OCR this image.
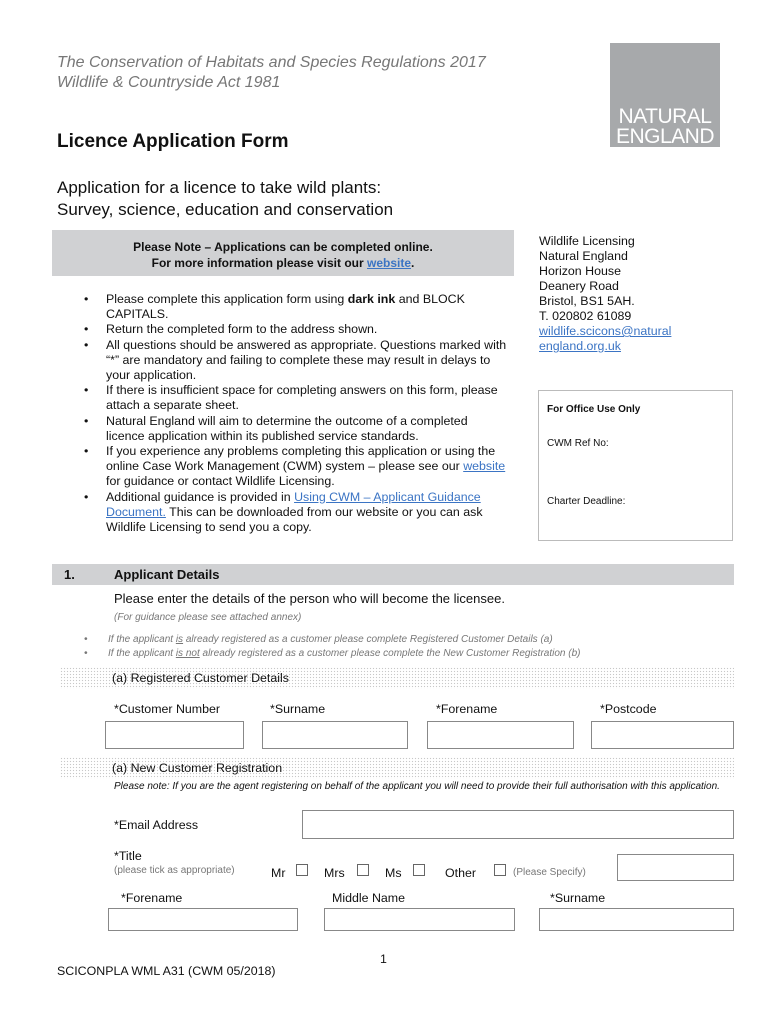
The Conservation of Habitats and Species Regulations 2017
Wildlife & Countryside Act 1981
NATURAL
ENGLAND
Licence Application Form
Application for a licence to take wild plants:
Survey, science, education and conservation
Please Note – Applications can be completed online.
For more information please visit our website.
• Please complete this application form using dark ink and BLOCK CAPITALS.
• Return the completed form to the address shown.
• All questions should be answered as appropriate. Questions marked with “*” are mandatory and failing to complete these may result in delays to your application.
• If there is insufficient space for completing answers on this form, please attach a separate sheet.
• Natural England will aim to determine the outcome of a completed licence application within its published service standards.
• If you experience any problems completing this application or using the online Case Work Management (CWM) system – please see our website for guidance or contact Wildlife Licensing.
• Additional guidance is provided in Using CWM – Applicant Guidance Document. This can be downloaded from our website or you can ask Wildlife Licensing to send you a copy.
Wildlife Licensing
Natural England
Horizon House
Deanery Road
Bristol, BS1 5AH.
T. 020802 61089
wildlife.scicons@natural
england.org.uk
For Office Use Only
CWM Ref No:
Charter Deadline:
1.	Applicant Details
Please enter the details of the person who will become the licensee.
(For guidance please see attached annex)
• If the applicant is already registered as a customer please complete Registered Customer Details (a)
• If the applicant is not already registered as a customer please complete the New Customer Registration (b)
(a) Registered Customer Details
*Customer Number	*Surname	*Forename	*Postcode
(a) New Customer Registration
Please note: If you are the agent registering on behalf of the applicant you will need to provide their full authorisation with this application.
*Email Address
*Title
(please tick as appropriate)	Mr	Mrs	Ms	Other	(Please Specify)
*Forename	Middle Name	*Surname
1
SCICONPLA WML A31 (CWM 05/2018)
